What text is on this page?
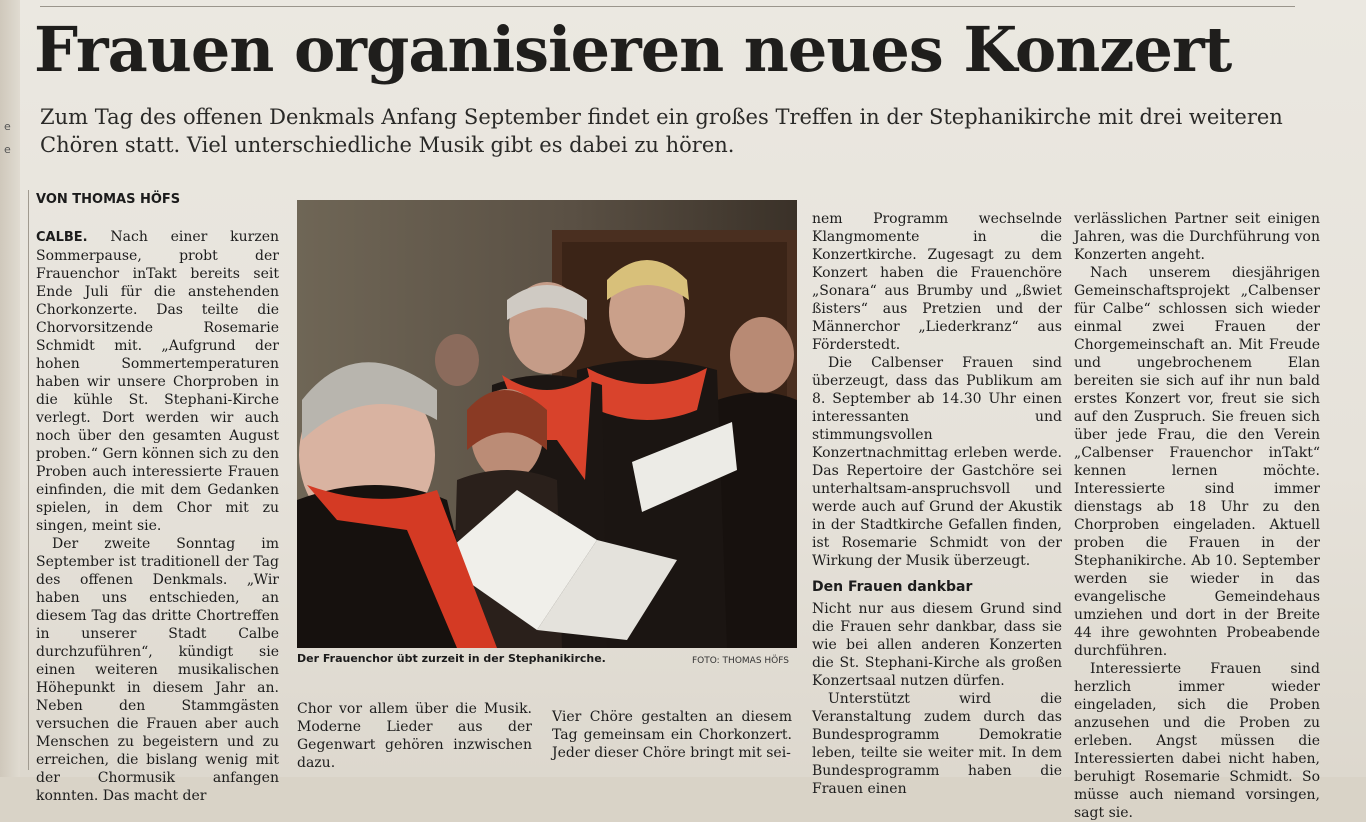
e
e
Frauen organisieren neues Konzert
Zum Tag des offenen Denkmals Anfang September findet ein großes Treffen in der Stephanikirche mit drei weiteren Chören statt. Viel unterschiedliche Musik gibt es dabei zu hören.
VON THOMAS HÖFS

CALBE. Nach einer kurzen Sommerpause, probt der Frauenchor inTakt bereits seit Ende Juli für die anstehenden Chorkonzerte. Das teilte die Chorvorsitzende Rosemarie Schmidt mit. „Aufgrund der hohen Sommertemperaturen haben wir unsere Chorproben in die kühle St. Stephani-Kirche verlegt. Dort werden wir auch noch über den gesamten August proben.“ Gern können sich zu den Proben auch interessierte Frauen einfinden, die mit dem Gedanken spielen, in dem Chor mit zu singen, meint sie.

Der zweite Sonntag im September ist traditionell der Tag des offenen Denkmals. „Wir haben uns entschieden, an diesem Tag das dritte Chortreffen in unserer Stadt Calbe durchzuführen“, kündigt sie einen weiteren musikalischen Höhepunkt in diesem Jahr an. Neben den Stammgästen versuchen die Frauen aber auch Menschen zu begeistern und zu erreichen, die bislang wenig mit der Chormusik anfangen konnten. Das macht der

Der Frauenchor übt zurzeit in der Stephanikirche.	FOTO: THOMAS HÖFS

Chor vor allem über die Musik. Moderne Lieder aus der Gegenwart gehören inzwischen dazu.

Vier Chöre gestalten an diesem Tag gemeinsam ein Chorkonzert. Jeder dieser Chöre bringt mit sei-

nem Programm wechselnde Klangmomente in die Konzertkirche. Zugesagt zu dem Konzert haben die Frauenchöre „Sonara“ aus Brumby und „ßwiet ßisters“ aus Pretzien und der Männerchor „Liederkranz“ aus Förderstedt.

Die Calbenser Frauen sind überzeugt, dass das Publikum am 8. September ab 14.30 Uhr einen interessanten und stimmungsvollen Konzertnachmittag erleben werde. Das Repertoire der Gastchöre sei unterhaltsam-anspruchsvoll und werde auch auf Grund der Akustik in der Stadtkirche Gefallen finden, ist Rosemarie Schmidt von der Wirkung der Musik überzeugt.

Den Frauen dankbar

Nicht nur aus diesem Grund sind die Frauen sehr dankbar, dass sie wie bei allen anderen Konzerten die St. Stephani-Kirche als großen Konzertsaal nutzen dürfen.

Unterstützt wird die Veranstaltung zudem durch das Bundesprogramm Demokratie leben, teilte sie weiter mit. In dem Bundesprogramm haben die Frauen einen

verlässlichen Partner seit einigen Jahren, was die Durchführung von Konzerten angeht.

Nach unserem diesjährigen Gemeinschaftsprojekt „Calbenser für Calbe“ schlossen sich wieder einmal zwei Frauen der Chorgemeinschaft an. Mit Freude und ungebrochenem Elan bereiten sie sich auf ihr nun bald erstes Konzert vor, freut sie sich auf den Zuspruch. Sie freuen sich über jede Frau, die den Verein „Calbenser Frauenchor inTakt“ kennen lernen möchte. Interessierte sind immer dienstags ab 18 Uhr zu den Chorproben eingeladen. Aktuell proben die Frauen in der Stephanikirche. Ab 10. September werden sie wieder in das evangelische Gemeindehaus umziehen und dort in der Breite 44 ihre gewohnten Probeabende durchführen.

Interessierte Frauen sind herzlich immer wieder eingeladen, sich die Proben anzusehen und die Proben zu erleben. Angst müssen die Interessierten dabei nicht haben, beruhigt Rosemarie Schmidt. So müsse auch niemand vorsingen, sagt sie.
